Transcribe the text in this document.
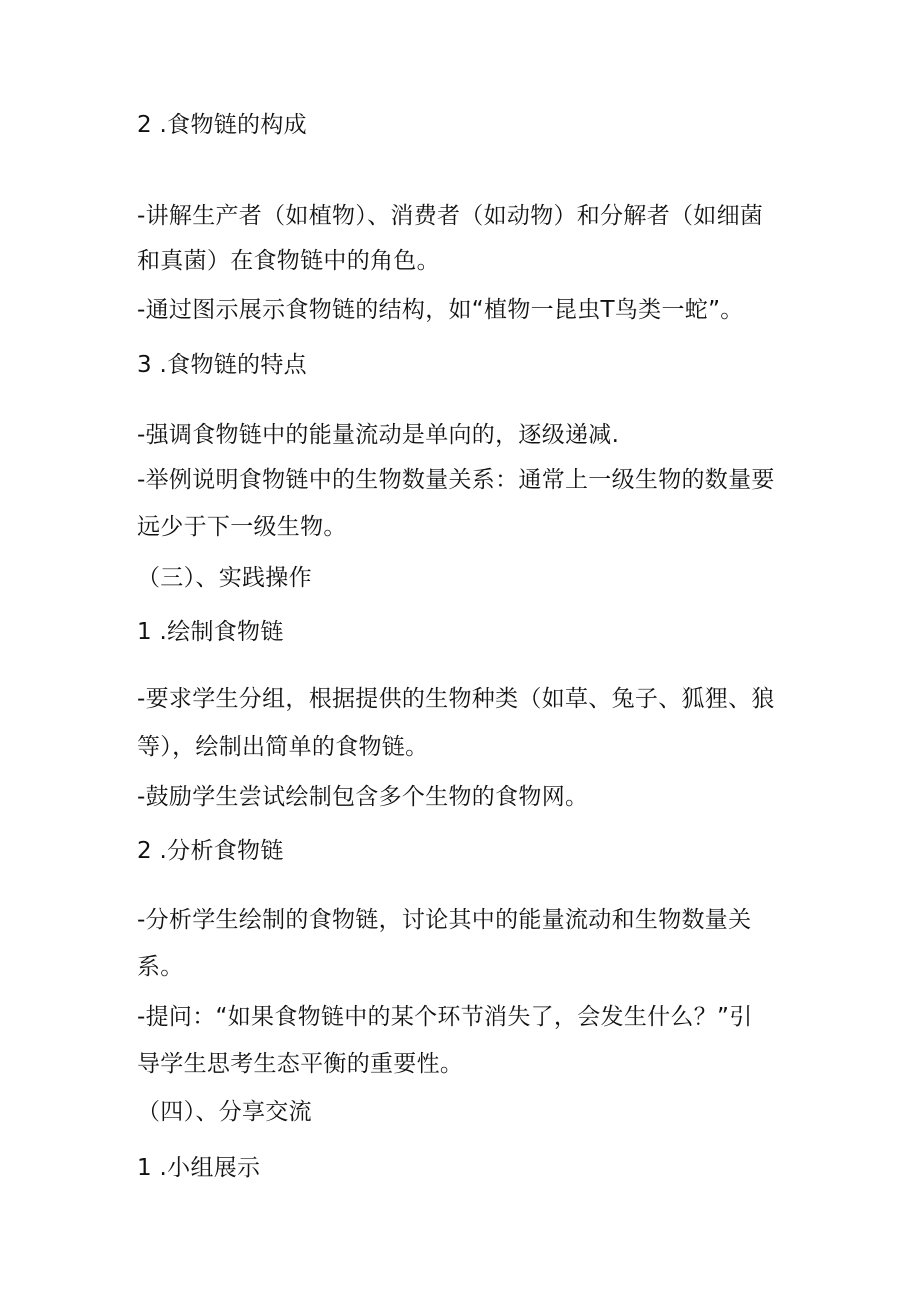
2 .食物链的构成
-讲解生产者（如植物）、消费者（如动物）和分解者（如细菌
和真菌）在食物链中的角色。
-通过图示展示食物链的结构，如“植物一昆虫T鸟类一蛇”。
3 .食物链的特点
-强调食物链中的能量流动是单向的，逐级递减.
-举例说明食物链中的生物数量关系：通常上一级生物的数量要
远少于下一级生物。
（三）、实践操作
1 .绘制食物链
-要求学生分组，根据提供的生物种类（如草、兔子、狐狸、狼
等），绘制出简单的食物链。
-鼓励学生尝试绘制包含多个生物的食物网。
2 .分析食物链
-分析学生绘制的食物链，讨论其中的能量流动和生物数量关
系。
-提问：“如果食物链中的某个环节消失了，会发生什么？”引
导学生思考生态平衡的重要性。
（四）、分享交流
1 .小组展示
